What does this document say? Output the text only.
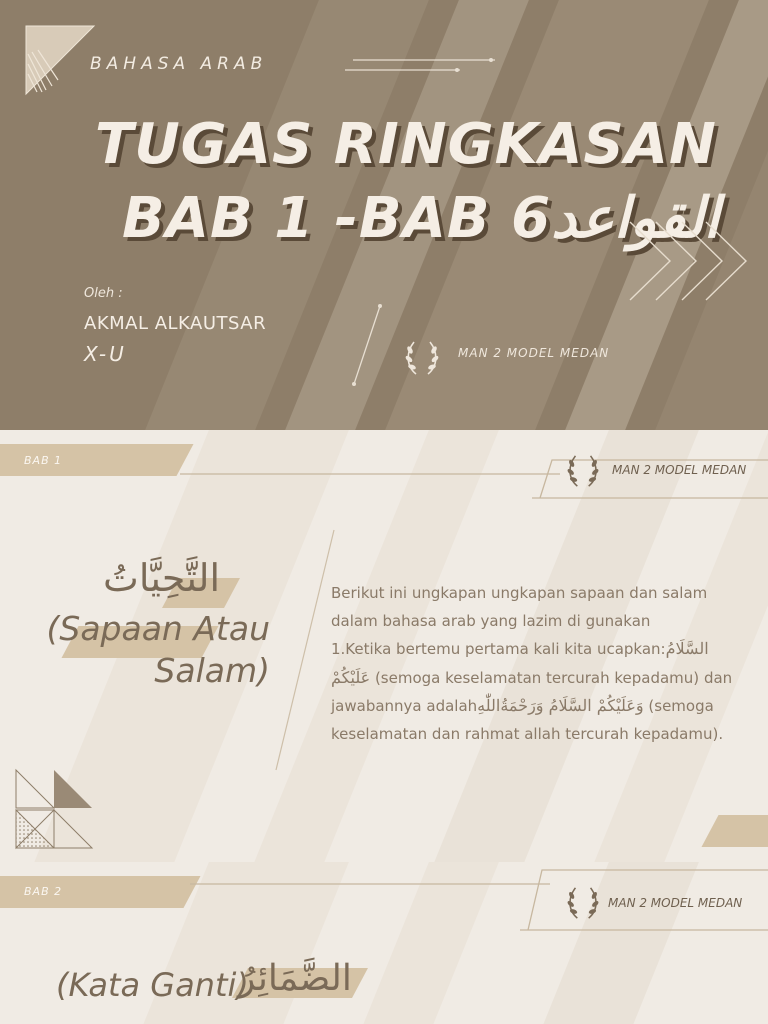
BAHASA ARAB
TUGAS RINGKASAN
BAB 1 -BAB 6القواعد
Oleh :
AKMAL ALKAUTSAR
X-U	MAN 2 MODEL MEDAN
BAB 1
MAN 2 MODEL MEDAN
التَّحِيَّاتُ
(Sapaan Atau
Salam)
Berikut ini ungkapan ungkapan sapaan dan salam dalam bahasa arab yang lazim di gunakan
1.Ketika bertemu pertama kali kita ucapkan:السَّلَامُ عَلَيْكُمْ (semoga keselamatan tercurah kepadamu) dan jawabannya adalahوَعَلَيْكُمْ السَّلَامُ وَرَحْمَةُاللّٰهِ (semoga keselamatan dan rahmat allah tercurah kepadamu).
BAB 2
MAN 2 MODEL MEDAN
(Kata Ganti)
الضَّمَائِرُ
